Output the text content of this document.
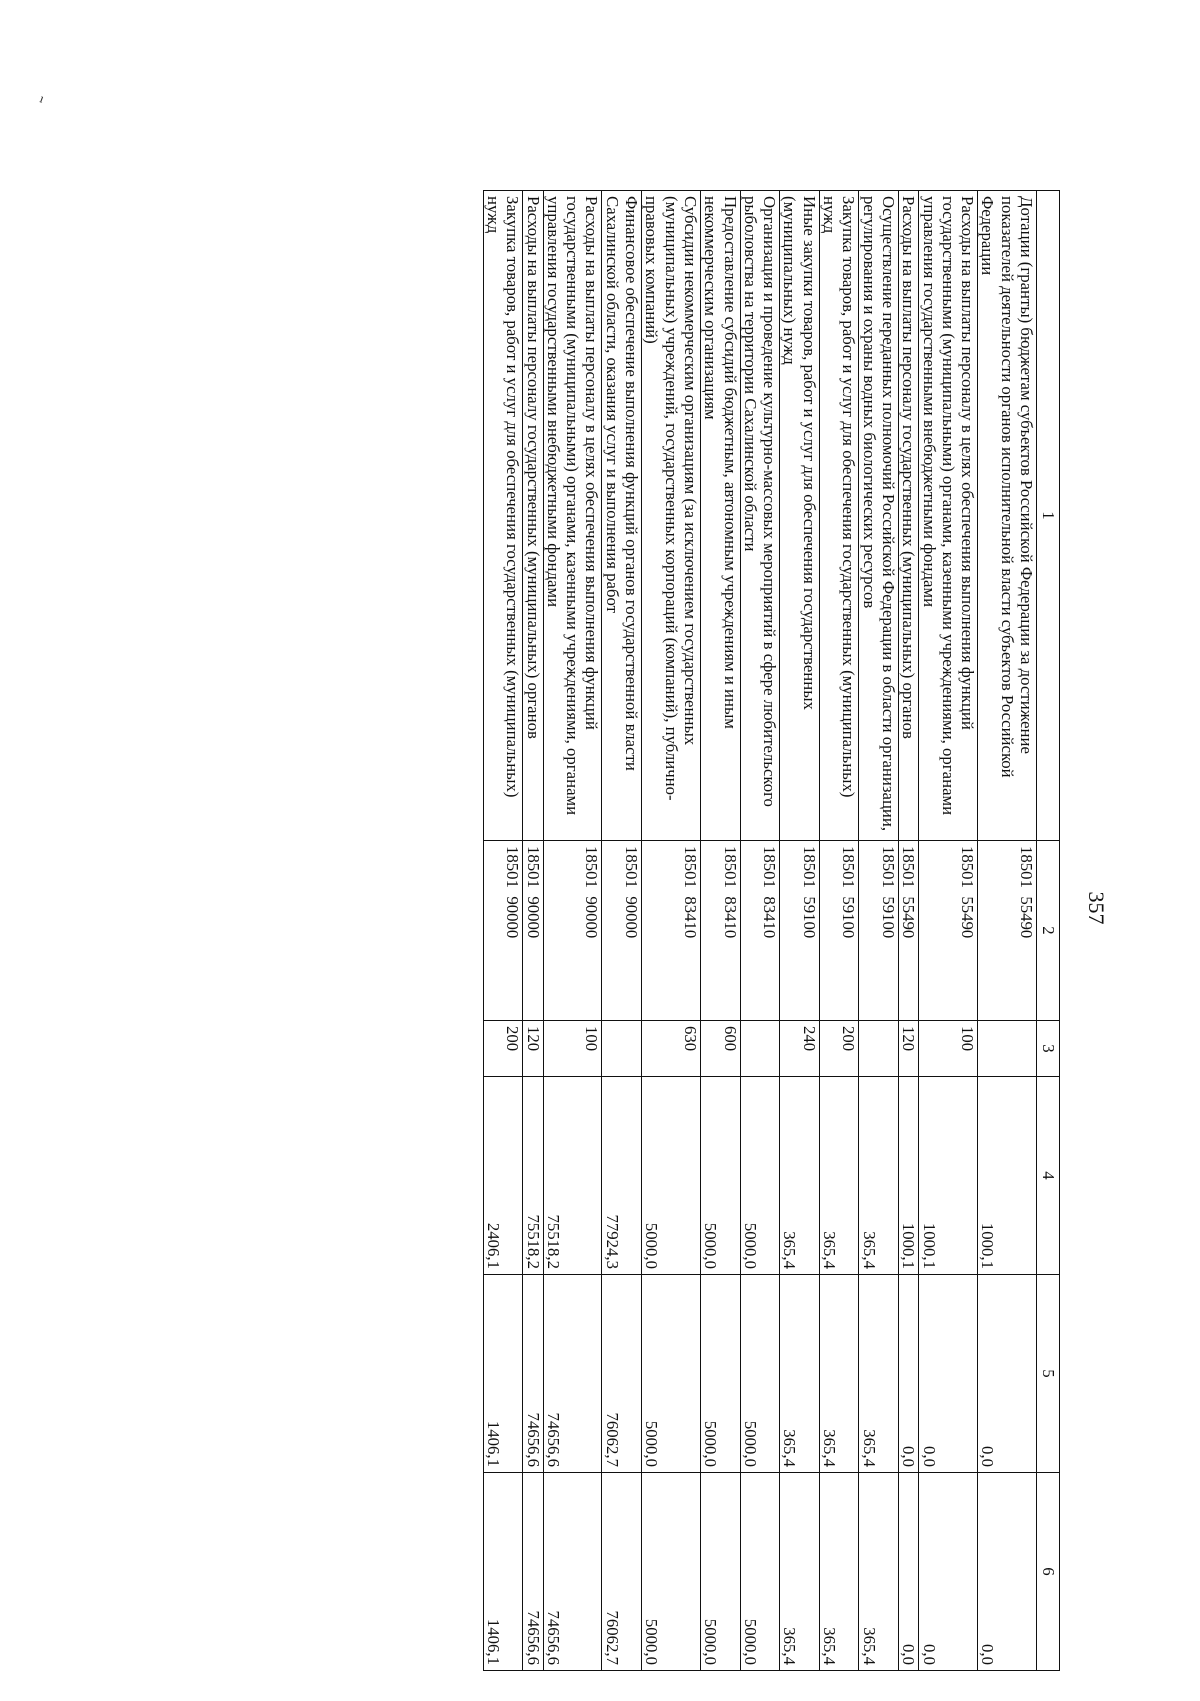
ı
357
1	2	3	4	5	6
Дотации (гранты) бюджетам субъектов Российской Федерации за достижение показателей деятельности органов исполнительной власти субъектов Российской Федерации	18501  55490		1000,1	0,0	0,0
Расходы на выплаты персоналу в целях обеспечения выполнения функций государственными (муниципальными) органами, казенными учреждениями, органами управления государственными внебюджетными фондами	18501  55490	100	1000,1	0,0	0,0
Расходы на выплаты персоналу государственных (муниципальных) органов	18501  55490	120	1000,1	0,0	0,0
Осуществление переданных полномочий Российской Федерации в области организации, регулирования и охраны водных биологических ресурсов	18501  59100		365,4	365,4	365,4
Закупка товаров, работ и услуг для обеспечения государственных (муниципальных) нужд	18501  59100	200	365,4	365,4	365,4
Иные закупки товаров, работ и услуг для обеспечения государственных (муниципальных) нужд	18501  59100	240	365,4	365,4	365,4
Организация и проведение культурно-массовых мероприятий в сфере любительского рыболовства на территории Сахалинской области	18501  83410		5000,0	5000,0	5000,0
Предоставление субсидий бюджетным, автономным учреждениям и иным некоммерческим организациям	18501  83410	600	5000,0	5000,0	5000,0
Субсидии некоммерческим организациям (за исключением государственных (муниципальных) учреждений, государственных корпораций (компаний), публично-правовых компаний)	18501  83410	630	5000,0	5000,0	5000,0
Финансовое обеспечение выполнения функций органов государственной власти Сахалинской области, оказания услуг и выполнения работ	18501  90000		77924,3	76062,7	76062,7
Расходы на выплаты персоналу в целях обеспечения выполнения функций государственными (муниципальными) органами, казенными учреждениями, органами управления государственными внебюджетными фондами	18501  90000	100	75518,2	74656,6	74656,6
Расходы на выплаты персоналу государственных (муниципальных) органов	18501  90000	120	75518,2	74656,6	74656,6
Закупка товаров, работ и услуг для обеспечения государственных (муниципальных) нужд	18501  90000	200	2406,1	1406,1	1406,1
